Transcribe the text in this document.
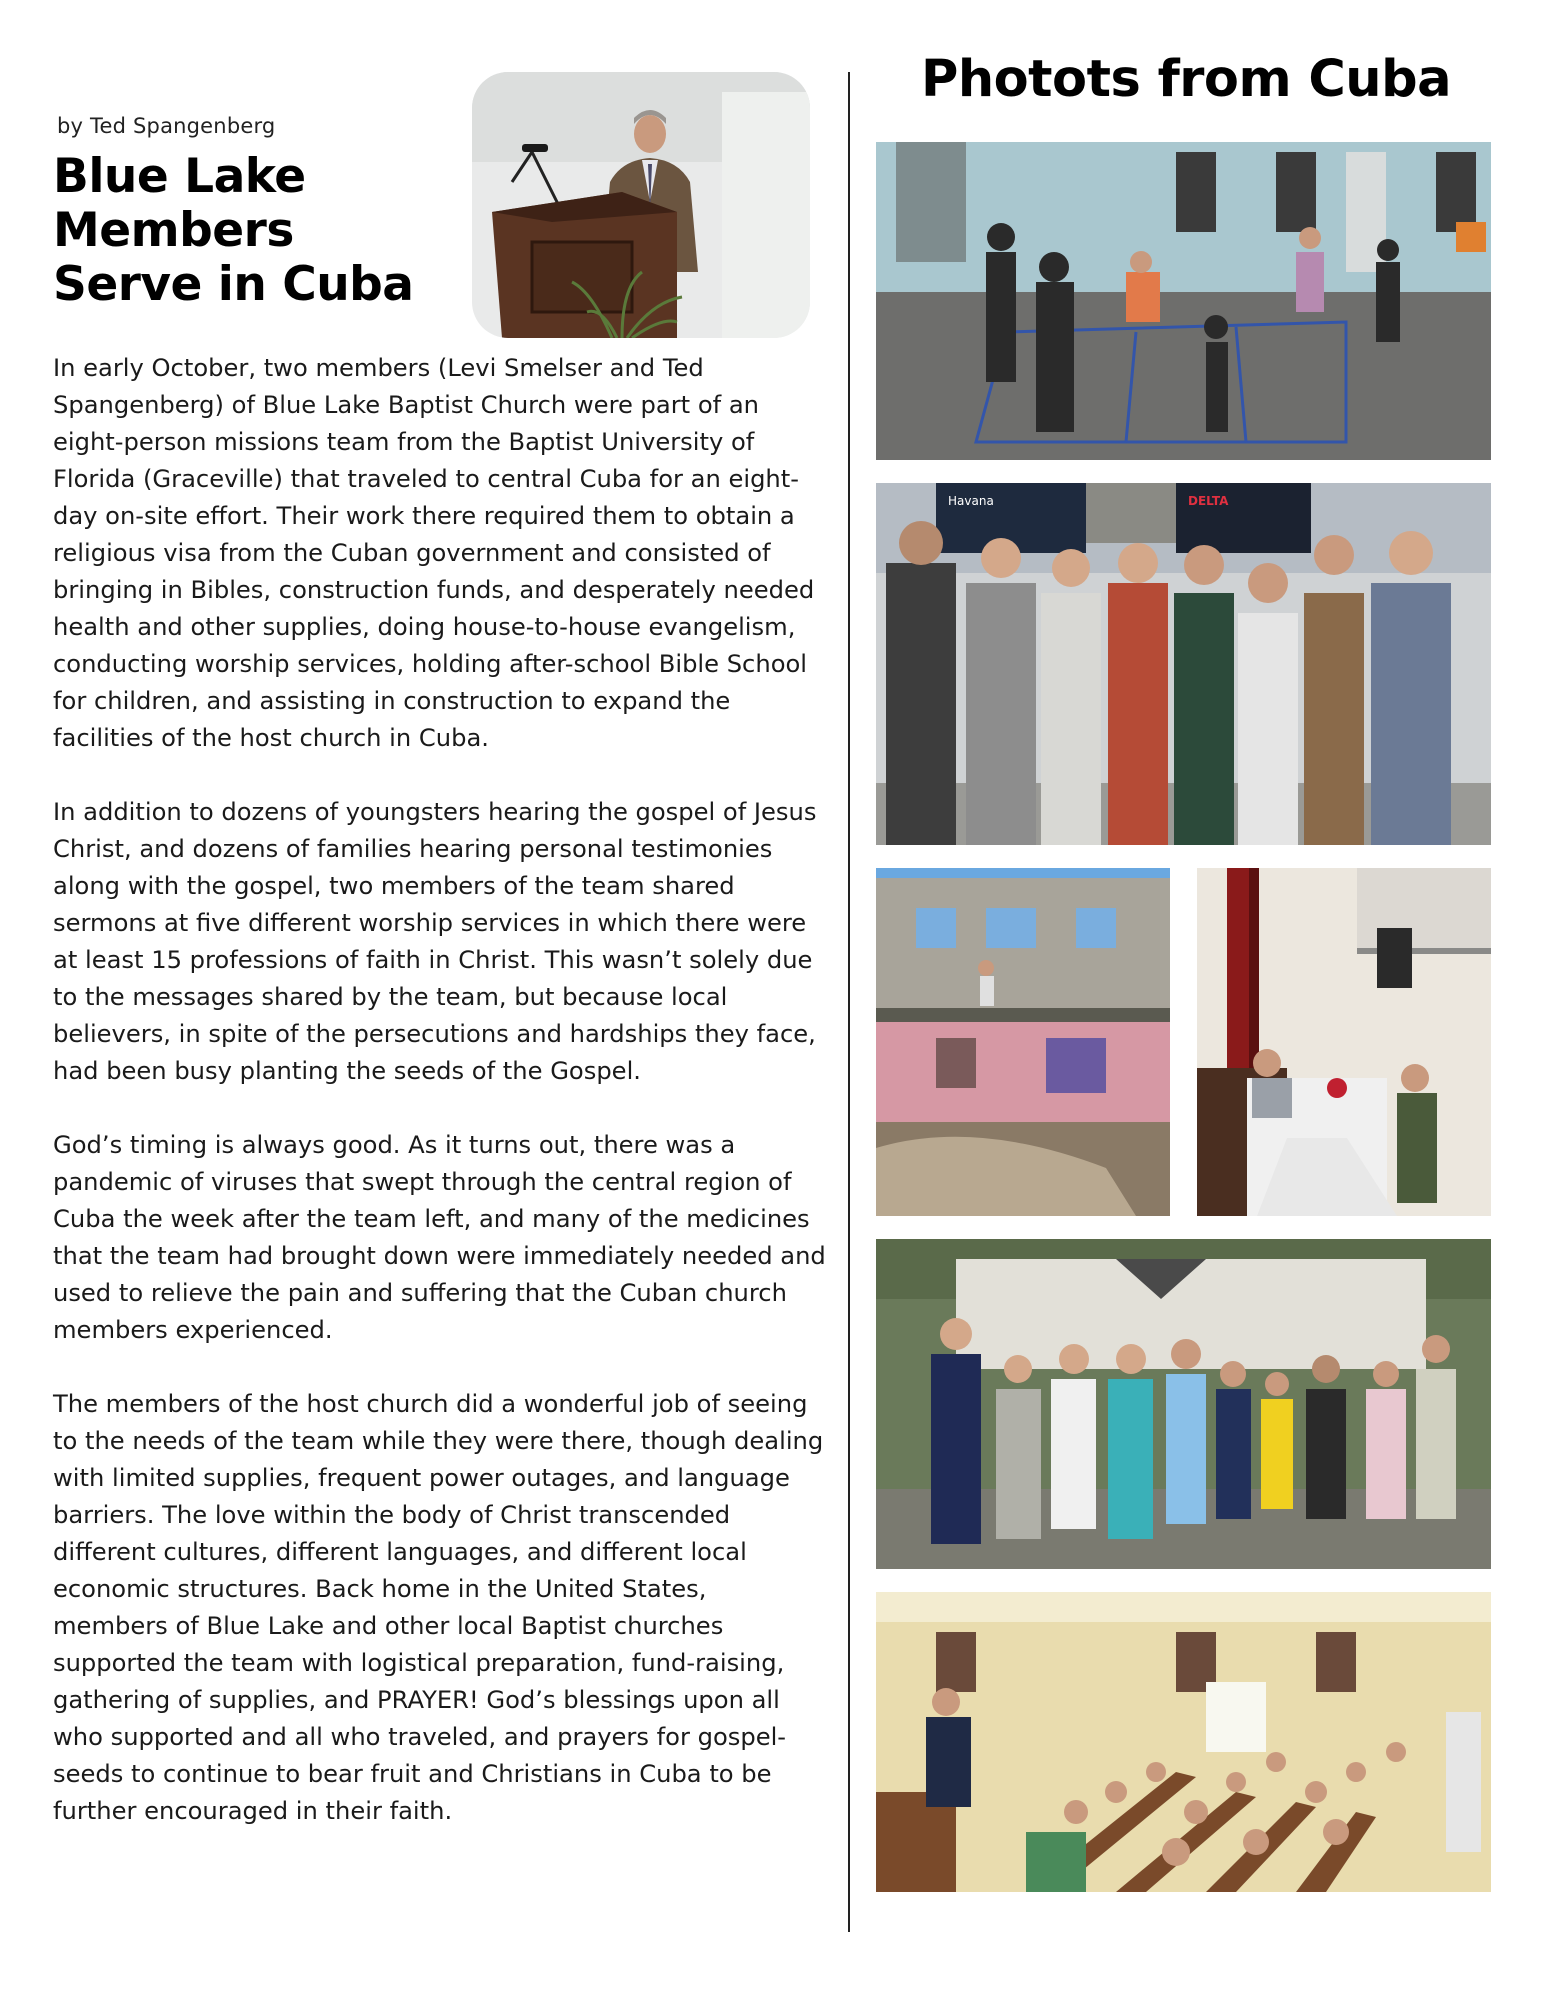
by Ted Spangenberg
Blue Lake Members Serve in Cuba

In early October, two members (Levi Smelser and Ted Spangenberg) of Blue Lake Baptist Church were part of an eight-person missions team from the Baptist University of Florida (Graceville) that traveled to central Cuba for an eight-day on-site effort. Their work there required them to obtain a religious visa from the Cuban government and consisted of bringing in Bibles, construction funds, and desperately needed health and other supplies, doing house-to-house evangelism, conducting worship services, holding after-school Bible School for children, and assisting in construction to expand the facilities of the host church in Cuba.

In addition to dozens of youngsters hearing the gospel of Jesus Christ, and dozens of families hearing personal testimonies along with the gospel, two members of the team shared sermons at five different worship services in which there were at least 15 professions of faith in Christ. This wasn’t solely due to the messages shared by the team, but because local believers, in spite of the persecutions and hardships they face, had been busy planting the seeds of the Gospel.

God’s timing is always good. As it turns out, there was a pandemic of viruses that swept through the central region of Cuba the week after the team left, and many of the medicines that the team had brought down were immediately needed and used to relieve the pain and suffering that the Cuban church members experienced.

The members of the host church did a wonderful job of seeing to the needs of the team while they were there, though dealing with limited supplies, frequent power outages, and language barriers. The love within the body of Christ transcended different cultures, different languages, and different local economic structures. Back home in the United States, members of Blue Lake and other local Baptist churches supported the team with logistical preparation, fund-raising, gathering of supplies, and PRAYER! God’s blessings upon all who supported and all who traveled, and prayers for gospel-seeds to continue to bear fruit and Christians in Cuba to be further encouraged in their faith.

Photots from Cuba
Havana	DELTA
